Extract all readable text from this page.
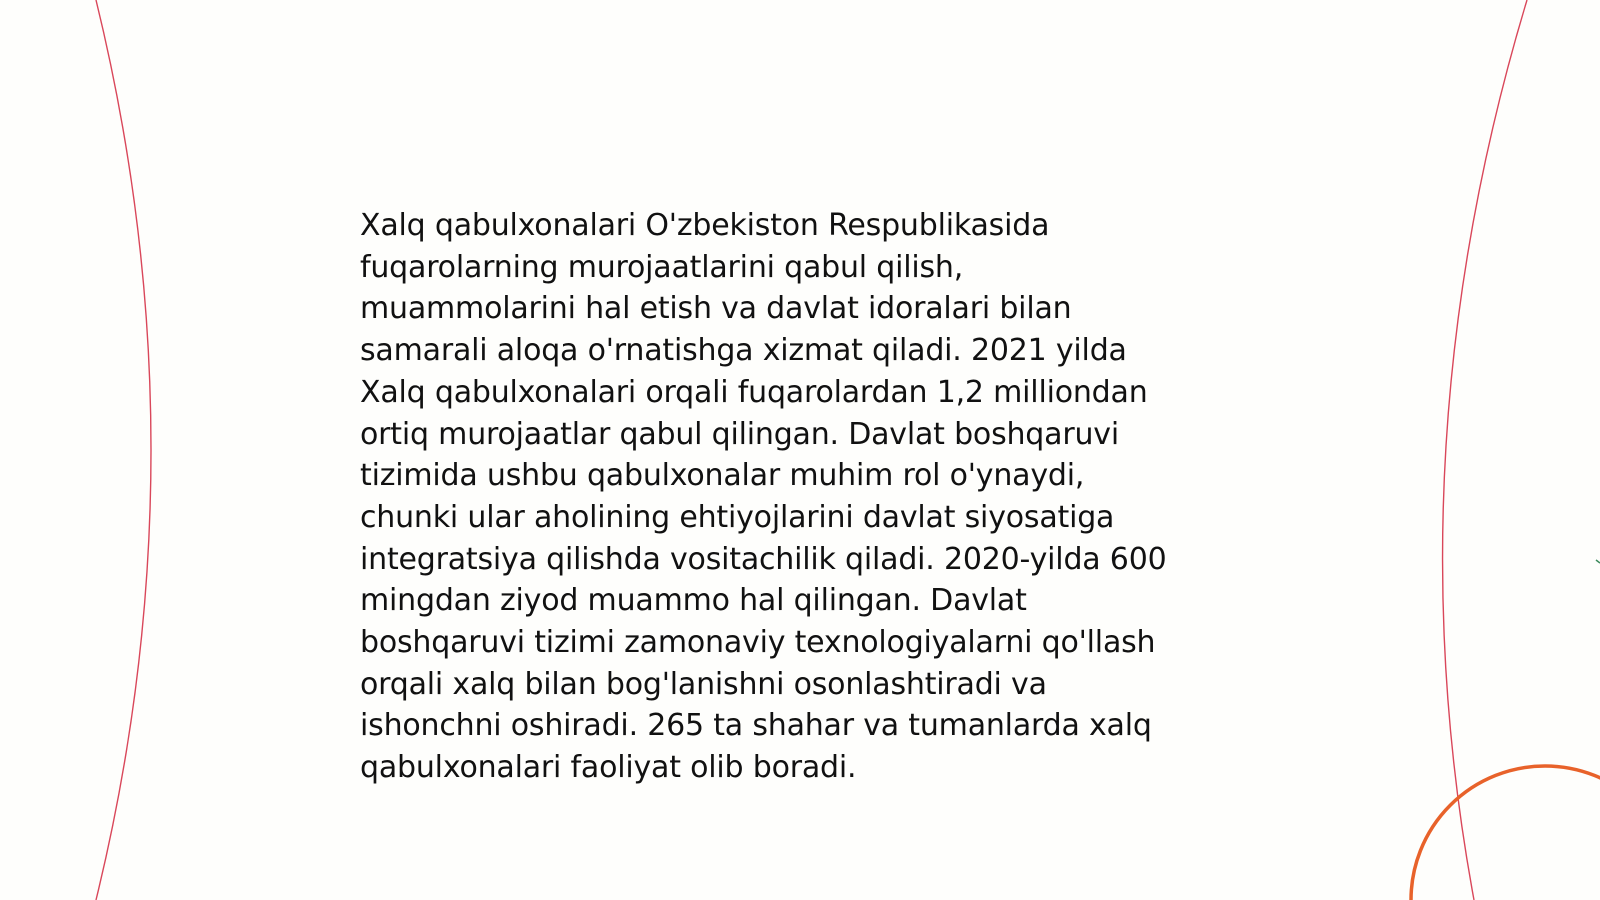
Xalq qabulxonalari O'zbekiston Respublikasida
fuqarolarning murojaatlarini qabul qilish,
muammolarini hal etish va davlat idoralari bilan
samarali aloqa o'rnatishga xizmat qiladi. 2021 yilda
Xalq qabulxonalari orqali fuqarolardan 1,2 milliondan
ortiq murojaatlar qabul qilingan. Davlat boshqaruvi
tizimida ushbu qabulxonalar muhim rol o'ynaydi,
chunki ular aholining ehtiyojlarini davlat siyosatiga
integratsiya qilishda vositachilik qiladi. 2020-yilda 600
mingdan ziyod muammo hal qilingan. Davlat
boshqaruvi tizimi zamonaviy texnologiyalarni qo'llash
orqali xalq bilan bog'lanishni osonlashtiradi va
ishonchni oshiradi. 265 ta shahar va tumanlarda xalq
qabulxonalari faoliyat olib boradi.
